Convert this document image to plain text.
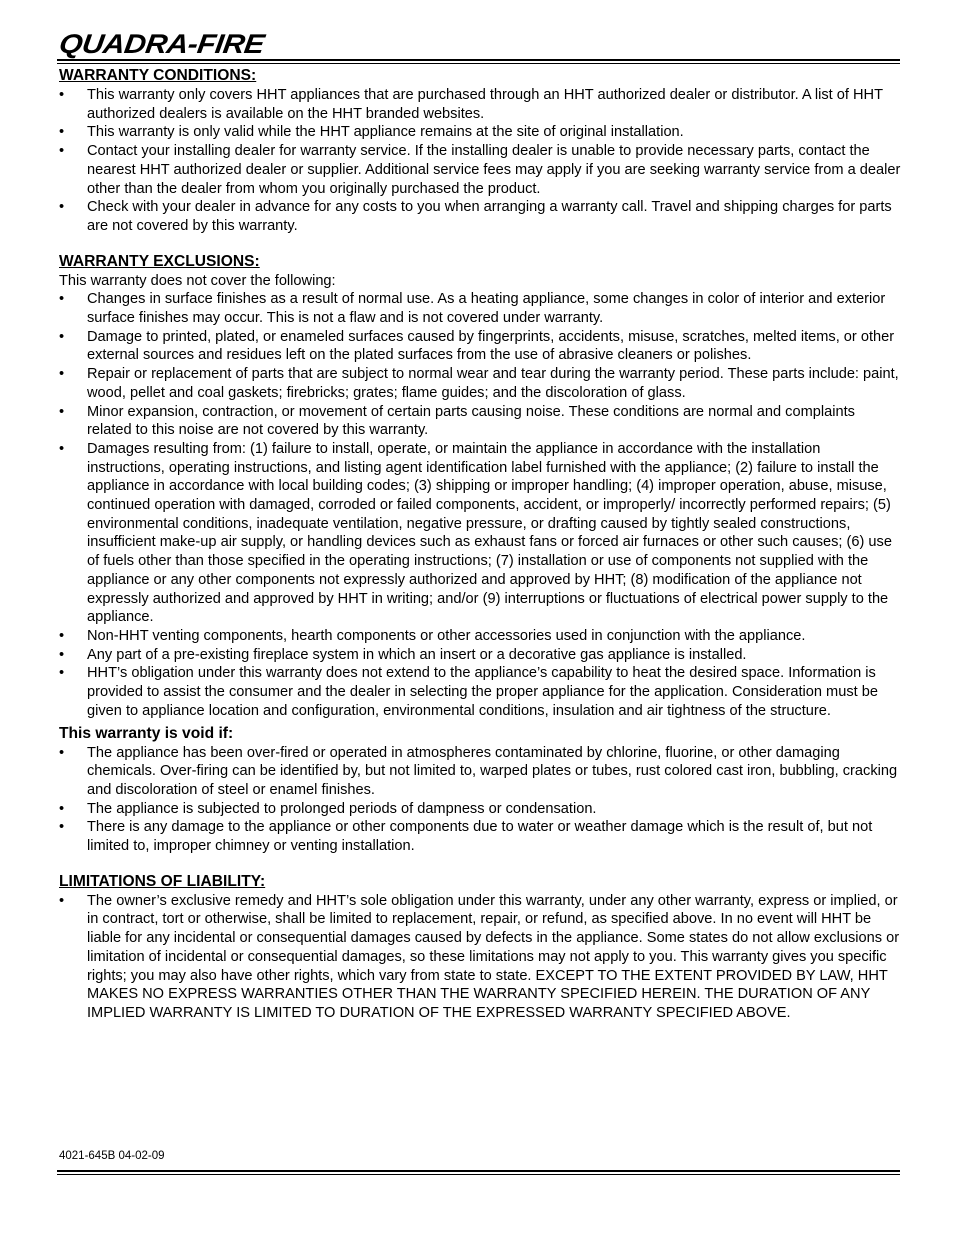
QUADRA-FIRE
WARRANTY CONDITIONS:
•	This warranty only covers HHT appliances that are purchased through an HHT authorized dealer or distributor. A list of HHT authorized dealers is available on the HHT branded websites.
•	This warranty is only valid while the HHT appliance remains at the site of original installation.
•	Contact your installing dealer for warranty service. If the installing dealer is unable to provide necessary parts, contact the nearest HHT authorized dealer or supplier. Additional service fees may apply if you are seeking warranty service from a dealer other than the dealer from whom you originally purchased the product.
•	Check with your dealer in advance for any costs to you when arranging a warranty call. Travel and shipping charges for parts are not covered by this warranty.
WARRANTY EXCLUSIONS:

This warranty does not cover the following:

•	Changes in surface finishes as a result of normal use. As a heating appliance, some changes in color of interior and exterior surface finishes may occur. This is not a flaw and is not covered under warranty.
•	Damage to printed, plated, or enameled surfaces caused by fingerprints, accidents, misuse, scratches, melted items, or other external sources and residues left on the plated surfaces from the use of abrasive cleaners or polishes.
•	Repair or replacement of parts that are subject to normal wear and tear during the warranty period. These parts include: paint, wood, pellet and coal gaskets; firebricks; grates; flame guides; and the discoloration of glass.
•	Minor expansion, contraction, or movement of certain parts causing noise. These conditions are normal and complaints related to this noise are not covered by this warranty.
•	Damages resulting from: (1) failure to install, operate, or maintain the appliance in accordance with the installation instructions, operating instructions, and listing agent identification label furnished with the appliance; (2) failure to install the appliance in accordance with local building codes; (3) shipping or improper handling; (4) improper operation, abuse, misuse, continued operation with damaged, corroded or failed components, accident, or improperly/ incorrectly performed repairs; (5) environmental conditions, inadequate ventilation, negative pressure, or drafting caused by tightly sealed constructions, insufficient make-up air supply, or handling devices such as exhaust fans or forced air furnaces or other such causes; (6) use of fuels other than those specified in the operating instructions; (7) installation or use of components not supplied with the appliance or any other components not expressly authorized and approved by HHT; (8) modification of the appliance not expressly authorized and approved by HHT in writing; and/or (9) interruptions or fluctuations of electrical power supply to the appliance.
•	Non-HHT venting components, hearth components or other accessories used in conjunction with the appliance.
•	Any part of a pre-existing fireplace system in which an insert or a decorative gas appliance is installed.
•	HHT’s obligation under this warranty does not extend to the appliance’s capability to heat the desired space. Information is provided to assist the consumer and the dealer in selecting the proper appliance for the application. Consideration must be given to appliance location and configuration, environmental conditions, insulation and air tightness of the structure.
This warranty is void if:
•	The appliance has been over-fired or operated in atmospheres contaminated by chlorine, fluorine, or other damaging chemicals. Over-firing can be identified by, but not limited to, warped plates or tubes, rust colored cast iron, bubbling, cracking and discoloration of steel or enamel finishes.
•	The appliance is subjected to prolonged periods of dampness or condensation.
•	There is any damage to the appliance or other components due to water or weather damage which is the result of, but not limited to, improper chimney or venting installation.
LIMITATIONS OF LIABILITY:
•	The owner’s exclusive remedy and HHT’s sole obligation under this warranty, under any other warranty, express or implied, or in contract, tort or otherwise, shall be limited to replacement, repair, or refund, as specified above. In no event will HHT be liable for any incidental or consequential damages caused by defects in the appliance. Some states do not allow exclusions or limitation of incidental or consequential damages, so these limitations may not apply to you. This warranty gives you specific rights; you may also have other rights, which vary from state to state. EXCEPT TO THE EXTENT PROVIDED BY LAW, HHT MAKES NO EXPRESS WARRANTIES OTHER THAN THE WARRANTY SPECIFIED HEREIN. THE DURATION OF ANY IMPLIED WARRANTY IS LIMITED TO DURATION OF THE EXPRESSED WARRANTY SPECIFIED ABOVE.
4021-645B 04-02-09
